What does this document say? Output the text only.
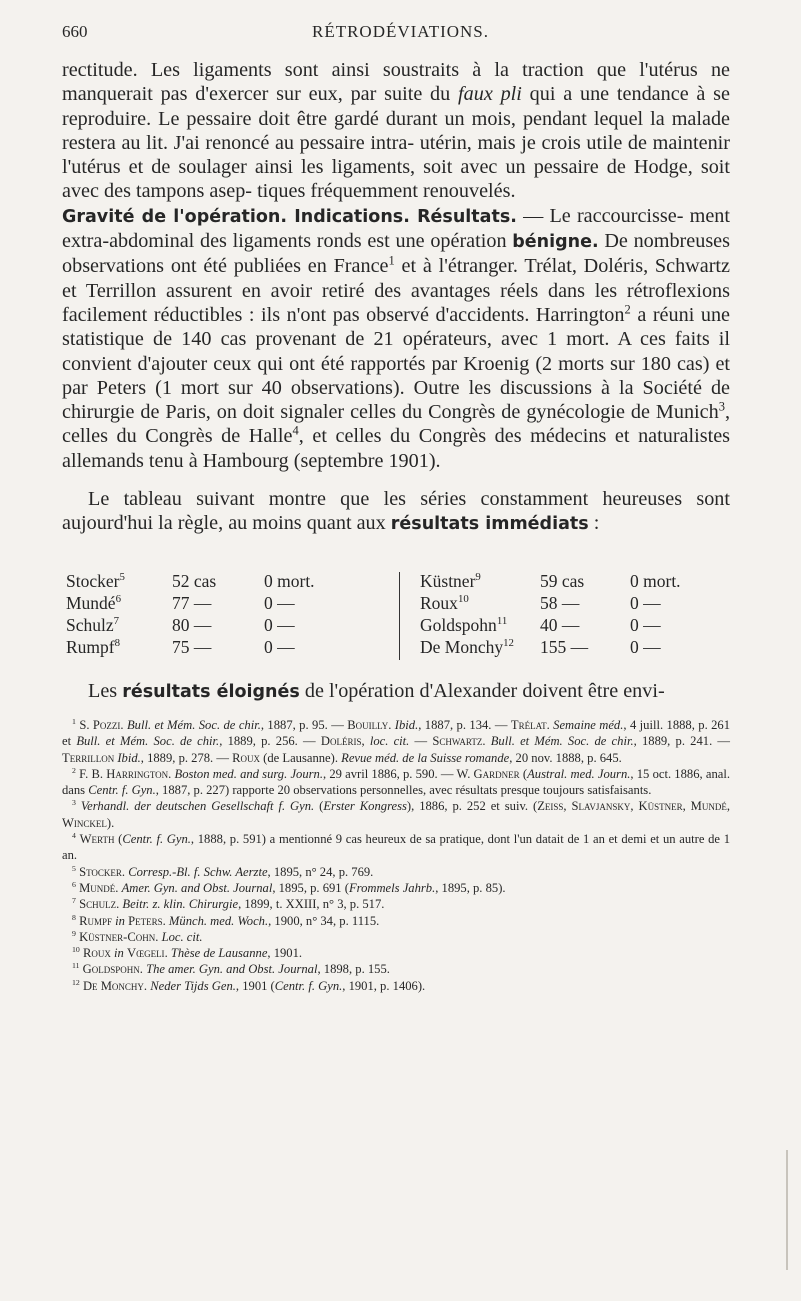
660	RÉTRODÉVIATIONS.

rectitude. Les ligaments sont ainsi soustraits à la traction que l'utérus ne manquerait pas d'exercer sur eux, par suite du faux pli qui a une tendance à se reproduire. Le pessaire doit être gardé durant un mois, pendant lequel la malade restera au lit. J'ai renoncé au pessaire intra- utérin, mais je crois utile de maintenir l'utérus et de soulager ainsi les ligaments, soit avec un pessaire de Hodge, soit avec des tampons asep- tiques fréquemment renouvelés.

Gravité de l'opération. Indications. Résultats. — Le raccourcisse- ment extra-abdominal des ligaments ronds est une opération bénigne. De nombreuses observations ont été publiées en France$^1$ et à l'étranger. Trélat, Doléris, Schwartz et Terrillon assurent en avoir retiré des avantages réels dans les rétroflexions facilement réductibles : ils n'ont pas observé d'accidents. Harrington$^2$ a réuni une statistique de 140 cas provenant de 21 opérateurs, avec 1 mort. A ces faits il convient d'ajouter ceux qui ont été rapportés par Kroenig (2 morts sur 180 cas) et par Peters (1 mort sur 40 observations). Outre les discussions à la Société de chirurgie de Paris, on doit signaler celles du Congrès de gynécologie de Munich$^3$, celles du Congrès de Halle$^4$, et celles du Congrès des médecins et naturalistes allemands tenu à Hambourg (septembre 1901).

Le tableau suivant montre que les séries constamment heureuses sont aujourd'hui la règle, au moins quant aux résultats immédiats :

Stocker$^5$	52 cas	0 mort.
Mundé$^6$	77 —	0 —
Schulz$^7$	80 —	0 —
Rumpf$^8$	75 —	0 —
Küstner$^9$	59 cas	0 mort.
Roux$^{10}$	58 —	0 —
Goldspohn$^{11}$ 40 —	0 —
De Monchy$^{12}$ 155 — 0 —
Les résultats éloignés de l'opération d'Alexander doivent être envi-

$^1$ S. Pozzi. Bull. et Mém. Soc. de chir., 1887, p. 95. — Bouilly. Ibid., 1887, p. 134. — Trélat. Semaine méd., 4 juill. 1888, p. 261 et Bull. et Mém. Soc. de chir., 1889, p. 256. — Doléris, loc. cit. — Schwartz. Bull. et Mém. Soc. de chir., 1889, p. 241. — Terrillon Ibid., 1889, p. 278. — Roux (de Lausanne). Revue méd. de la Suisse romande, 20 nov. 1888, p. 645.

$^2$ F. B. Harrington. Boston med. and surg. Journ., 29 avril 1886, p. 590. — W. Gardner (Austral. med. Journ., 15 oct. 1886, anal. dans Centr. f. Gyn., 1887, p. 227) rapporte 20 observations personnelles, avec résultats presque toujours satisfaisants.

$^3$ Verhandl. der deutschen Gesellschaft f. Gyn. (Erster Kongress), 1886, p. 252 et suiv. (Zeiss, Slavjansky, Küstner, Mundé, Winckel).

$^4$ Werth (Centr. f. Gyn., 1888, p. 591) a mentionné 9 cas heureux de sa pratique, dont l'un datait de 1 an et demi et un autre de 1 an.

$^5$ Stocker. Corresp.-Bl. f. Schw. Aerzte, 1895, n° 24, p. 769.

$^6$ Mundé. Amer. Gyn. and Obst. Journal, 1895, p. 691 (Frommels Jahrb., 1895, p. 85).

$^7$ Schulz. Beitr. z. klin. Chirurgie, 1899, t. XXIII, n° 3, p. 517.

$^8$ Rumpf in Peters. Münch. med. Woch., 1900, n° 34, p. 1115.

$^9$ Küstner-Cohn. Loc. cit.

$^{10}$ Roux in Vœgeli. Thèse de Lausanne, 1901.

$^{11}$ Goldspohn. The amer. Gyn. and Obst. Journal, 1898, p. 155.

$^{12}$ De Monchy. Neder Tijds Gen., 1901 (Centr. f. Gyn., 1901, p. 1406).
